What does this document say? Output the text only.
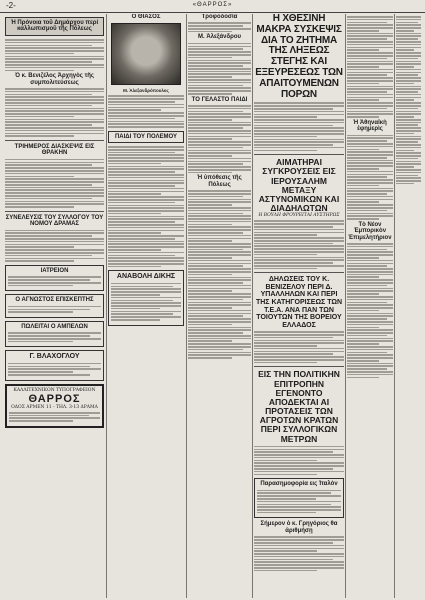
-2-	«ΘΑΡΡΟΣ»
Ἡ Πρόνοια τοῦ Δημάρχου περί καλλωπισμοῦ τῆς Πόλεως
Ὁ κ. Βενιζέλος Ἀρχηγὸς τῆς συμπολιτεύσεως
ΤΡΙΗΜΕΡΟΣ ΔΙΑΣΚΕΨΙΣ ΕΙΣ ΘΡΑΚΗΝ
ΣΥΝΕΛΕΥΣΙΣ ΤΟΥ ΣΥΛΛΟΓΟΥ ΤΟΥ ΝΟΜΟΥ ΔΡΑΜΑΣ
ΙΑΤΡΕΙΟΝ
Ο ΑΓΝΩΣΤΟΣ ΕΠΙΣΚΕΠΤΗΣ
ΠΩΛΕΙΤΑΙ Ο ΑΜΠΕΛΩΝ
Γ. ΒΛΑΧΟΓΛΟΥ
ΚΑΛΛΙΤΕΧΝΙΚΟΝ ΤΥΠΟΓΡΑΦΕΙΟΝ
ΘΑΡΡΟΣ
ΟΔΟΣ ΑΡΜΕΝ 11 - ΤΗΛ. 3-13 ΔΡΑΜΑ
Ο ΘΙΑΣΟΣ
Μ. Ἀλεξανδρόπουλος
ΠΑΙΔΙ ΤΟΥ ΠΟΛΕΜΟΥ
ΑΝΑΒΟΛΗ ΔΙΚΗΣ
Τροφοδοσία
Μ. Ἀλεξάνδρου
ΤΟ ΓΕΛΑΣΤΟ ΠΑΙΔΙ
Ἡ ὑπόθεσις τῆς Πόλεως
Η ΧΘΕΣΙΝΗ ΜΑΚΡΑ ΣΥΣΚΕΨΙΣ ΔΙΑ ΤΟ ΖΗΤΗΜΑ ΤΗΣ ΛΗΞΕΩΣ ΣΤΕΓΗΣ ΚΑΙ ΕΞΕΥΡΕΣΕΩΣ ΤΩΝ ΑΠΑΙΤΟΥΜΕΝΩΝ ΠΟΡΩΝ
ΑΙΜΑΤΗΡΑΙ ΣΥΓΚΡΟΥΣΕΙΣ ΕΙΣ ΙΕΡΟΥΣΑΛΗΜ ΜΕΤΑΞΥ ΑΣΤΥΝΟΜΙΚΩΝ ΚΑΙ ΔΙΑΔΗΛΩΤΩΝ
Η ΒΟΥΛΗ ΦΡΟΥΡΕΙΤΑΙ ΑΥΣΤΗΡΩΣ
ΔΗΛΩΣΕΙΣ ΤΟΥ Κ. ΒΕΝΙΖΕΛΟΥ ΠΕΡΙ Δ. ΥΠΑΛΛΗΛΩΝ ΚΑΙ ΠΕΡΙ ΤΗΣ ΚΑΤΗΓΟΡΙΣΕΩΣ ΤΩΝ Τ.Ε.Α. ΑΝΑ ΠΑΝ ΤΩΝ ΤΟΙΟΥΤΩΝ ΤΗΣ ΒΟΡΕΙΟΥ ΕΛΛΑΔΟΣ
ΕΙΣ ΤΗΝ ΠΟΛΙΤΙΚΗΝ ΕΠΙΤΡΟΠΗΝ ΕΓΕΝΟΝΤΟ ΑΠΟΔΕΚΤΑΙ ΑΙ ΠΡΟΤΑΣΕΙΣ ΤΩΝ ΑΓΡΟΤΩΝ ΚΡΑΤΩΝ ΠΕΡΙ ΣΥΛΛΟΓΙΚΩΝ ΜΕΤΡΩΝ
Παρασημοφορία εις Ἰταλὸν
Σήμερον ὁ κ. Γρηγόριος θα ἀριθμήσῃ
Ἡ Ἀθηναϊκὴ ἐφημερὶς
Τὸ Νέον Ἐμπορικὸν Ἐπιμελητήριον
